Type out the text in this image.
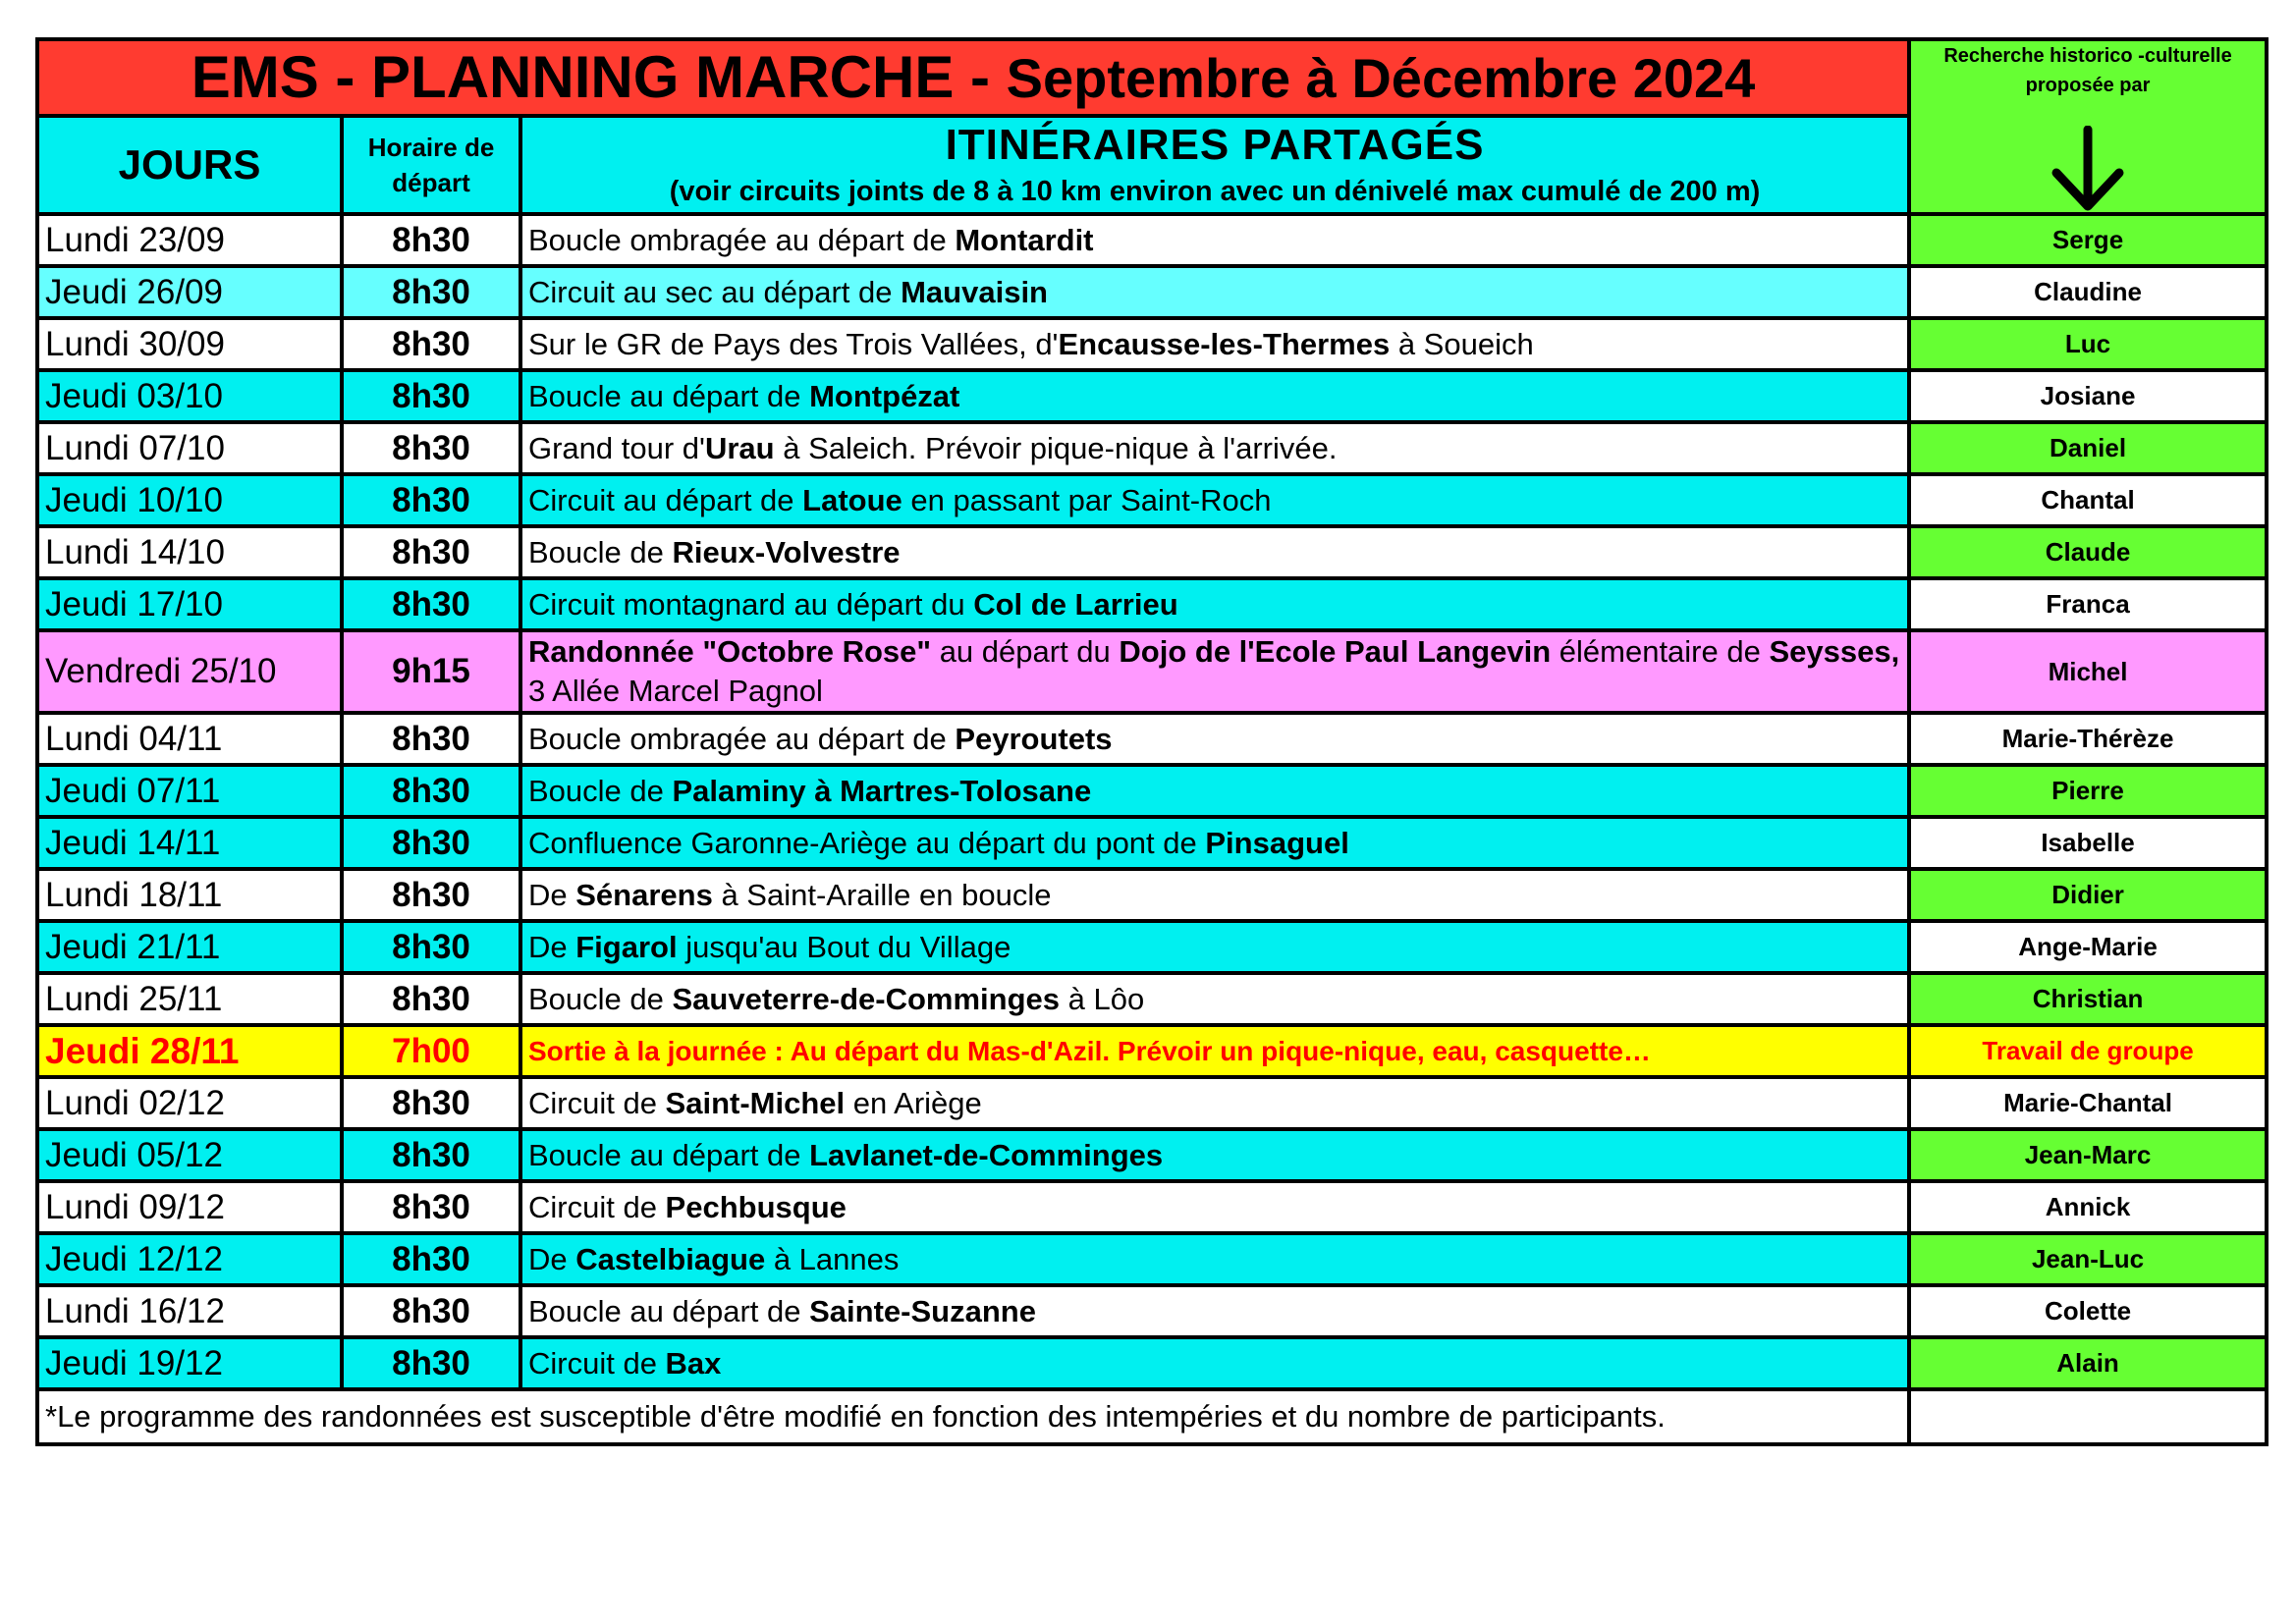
EMS - PLANNING MARCHE - Septembre à Décembre 2024			Recherche historico -culturelle proposée par

JOURS	Horaire de départ	ITINÉRAIRES PARTAGÉS
(voir circuits joints de 8 à 10 km environ avec un dénivelé max cumulé de 200 m)	

Lundi 23/09	8h30	Boucle ombragée au départ de Montardit	Serge
Jeudi 26/09	8h30	Circuit au sec au départ de Mauvaisin	Claudine
Lundi 30/09	8h30	Sur le GR de Pays des Trois Vallées, d'Encausse-les-Thermes à Soueich	Luc
Jeudi 03/10	8h30	Boucle au départ de Montpézat	Josiane
Lundi 07/10	8h30	Grand tour d'Urau à Saleich. Prévoir pique-nique à l'arrivée.	Daniel
Jeudi 10/10	8h30	Circuit au départ de Latoue en passant par Saint-Roch	Chantal
Lundi 14/10	8h30	Boucle de Rieux-Volvestre	Claude
Jeudi 17/10	8h30	Circuit montagnard au départ du Col de Larrieu	Franca
Vendredi 25/10	9h15	Randonnée "Octobre Rose" au départ du Dojo de l'Ecole Paul Langevin élémentaire de Seysses, 3 Allée Marcel Pagnol	Michel
Lundi 04/11	8h30	Boucle ombragée au départ de Peyroutets	Marie-Thérèze
Jeudi 07/11	8h30	Boucle de Palaminy à Martres-Tolosane	Pierre
Jeudi 14/11	8h30	Confluence Garonne-Ariège au départ du pont de Pinsaguel	Isabelle
Lundi 18/11	8h30	De Sénarens à Saint-Araille en boucle	Didier
Jeudi 21/11	8h30	De Figarol jusqu'au Bout du Village	Ange-Marie
Lundi 25/11	8h30	Boucle de Sauveterre-de-Comminges à Lôo	Christian
Jeudi 28/11	7h00	Sortie à la journée : Au départ du Mas-d'Azil. Prévoir un pique-nique, eau, casquette…	Travail de groupe
Lundi 02/12	8h30	Circuit de Saint-Michel en Ariège	Marie-Chantal
Jeudi 05/12	8h30	Boucle au départ de Lavlanet-de-Comminges	Jean-Marc
Lundi 09/12	8h30	Circuit de Pechbusque	Annick
Jeudi 12/12	8h30	De Castelbiague à Lannes	Jean-Luc
Lundi 16/12	8h30	Boucle au départ de Sainte-Suzanne	Colette
Jeudi 19/12	8h30	Circuit de Bax	Alain
*Le programme des randonnées est susceptible d'être modifié en fonction des intempéries et du nombre de participants.			
